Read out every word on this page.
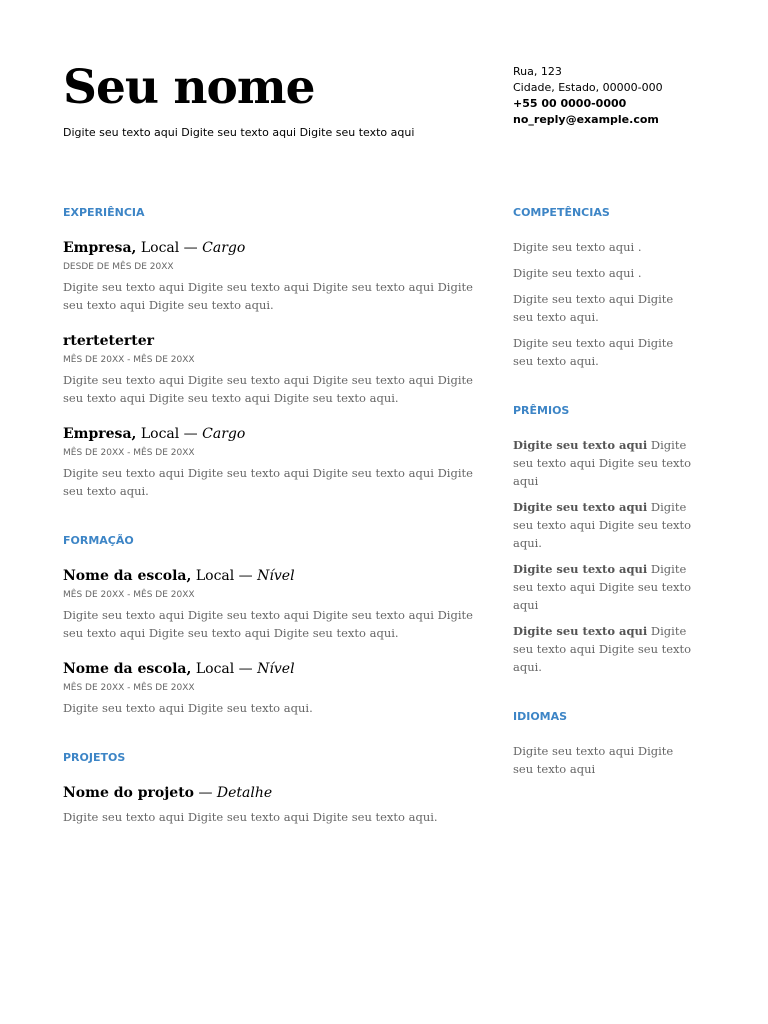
Seu nome
Digite seu texto aqui Digite seu texto aqui Digite seu texto aqui
Rua, 123
Cidade, Estado, 00000-000
+55 00 0000-0000
no_reply@example.com
EXPERIÊNCIA

Empresa, Local — Cargo

DESDE DE MÊS DE 20XX
Digite seu texto aqui Digite seu texto aqui Digite seu texto aqui Digite seu texto aqui Digite seu texto aqui.

rterteterter

MÊS DE 20XX - MÊS DE 20XX
Digite seu texto aqui Digite seu texto aqui Digite seu texto aqui Digite seu texto aqui Digite seu texto aqui Digite seu texto aqui.

Empresa, Local — Cargo

MÊS DE 20XX - MÊS DE 20XX
Digite seu texto aqui Digite seu texto aqui Digite seu texto aqui Digite seu texto aqui.
FORMAÇÃO

Nome da escola, Local — Nível

MÊS DE 20XX - MÊS DE 20XX
Digite seu texto aqui Digite seu texto aqui Digite seu texto aqui Digite seu texto aqui Digite seu texto aqui Digite seu texto aqui.

Nome da escola, Local — Nível

MÊS DE 20XX - MÊS DE 20XX
Digite seu texto aqui Digite seu texto aqui.
PROJETOS

Nome do projeto — Detalhe

Digite seu texto aqui Digite seu texto aqui Digite seu texto aqui.
COMPETÊNCIAS
Digite seu texto aqui .
Digite seu texto aqui .
Digite seu texto aqui Digite seu texto aqui.
Digite seu texto aqui Digite seu texto aqui.
PRÊMIOS
Digite seu texto aqui Digite seu texto aqui Digite seu texto aqui
Digite seu texto aqui Digite seu texto aqui Digite seu texto aqui.
Digite seu texto aqui Digite seu texto aqui Digite seu texto aqui
Digite seu texto aqui Digite seu texto aqui Digite seu texto aqui.
IDIOMAS
Digite seu texto aqui Digite seu texto aqui
